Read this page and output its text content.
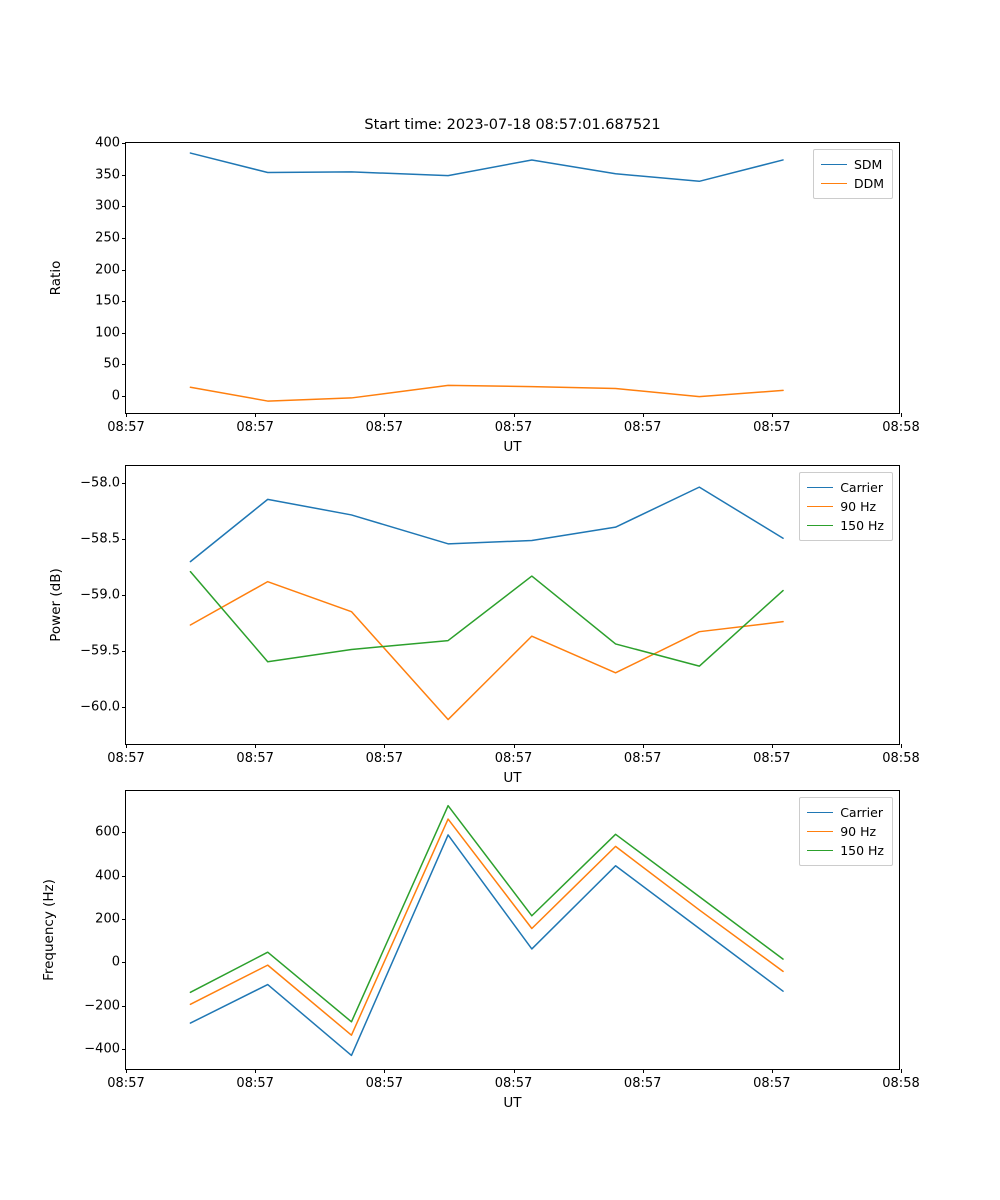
Start time: 2023-07-18 08:57:01.687521
0
50
100
150
200
250
300
350
400
08:57	08:57	08:57	08:57	08:57	08:57	08:58
Ratio
UT
SDM
DDM
−60.0
−59.5
−59.0
−58.5
−58.0
08:57	08:57	08:57	08:57	08:57	08:57	08:58
Power (dB)
UT
Carrier
90 Hz
150 Hz
−400
−200
0
200
400
600
08:57	08:57	08:57	08:57	08:57	08:57	08:58
Frequency (Hz)
UT
Carrier
90 Hz
150 Hz
